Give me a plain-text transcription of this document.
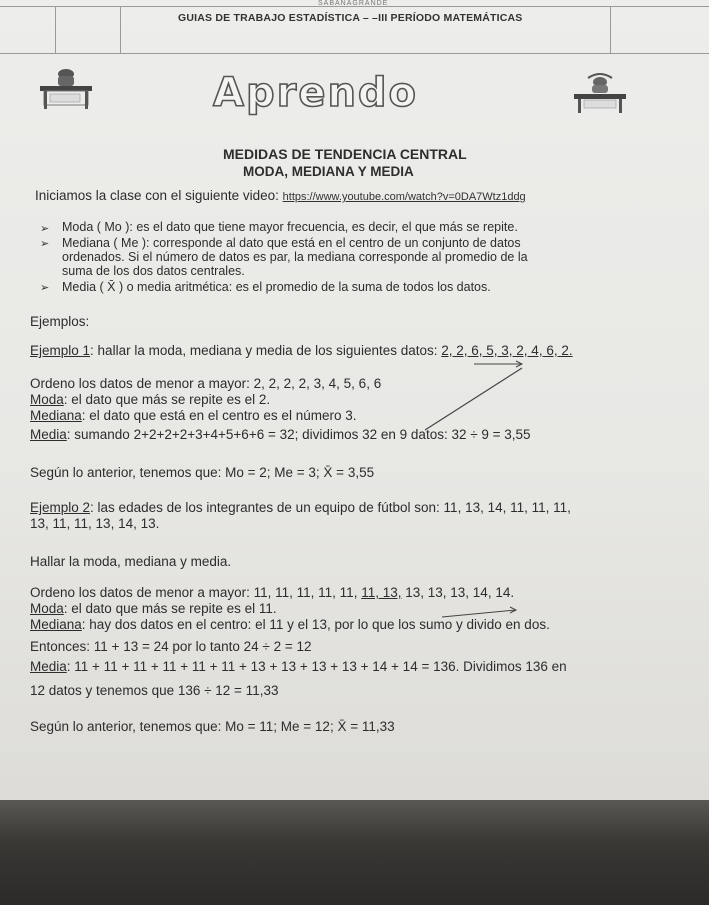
SABANAGRANDE
GUIAS DE TRABAJO ESTADÍSTICA – –III PERÍODO MATEMÁTICAS
Aprendo
MEDIDAS DE TENDENCIA CENTRAL
MODA, MEDIANA Y MEDIA
Iniciamos la clase con el siguiente video: https://www.youtube.com/watch?v=0DA7Wtz1ddg
➢ Moda ( Mo ): es el dato que tiene mayor frecuencia, es decir, el que más se repite.
➢ Mediana ( Me ): corresponde al dato que está en el centro de un conjunto de datos
ordenados. Si el número de datos es par, la mediana corresponde al promedio de la
suma de los dos datos centrales.
➢ Media ( X̄ ) o media aritmética: es el promedio de la suma de todos los datos.
Ejemplos:
Ejemplo 1: hallar la moda, mediana y media de los siguientes datos: 2, 2, 6, 5, 3, 2, 4, 6, 2.
Ordeno los datos de menor a mayor: 2, 2, 2, 2, 3, 4, 5, 6, 6
Moda: el dato que más se repite es el 2.
Mediana: el dato que está en el centro es el número 3.
Media: sumando 2+2+2+2+3+4+5+6+6 = 32; dividimos 32 en 9 datos: 32 ÷ 9 = 3,55
Según lo anterior, tenemos que: Mo = 2; Me = 3; X̄ = 3,55
Ejemplo 2: las edades de los integrantes de un equipo de fútbol son: 11, 13, 14, 11, 11, 11,
13, 11, 11, 13, 14, 13.
Hallar la moda, mediana y media.
Ordeno los datos de menor a mayor: 11, 11, 11, 11, 11, 11, 13, 13, 13, 13, 14, 14.
Moda: el dato que más se repite es el 11.
Mediana: hay dos datos en el centro: el 11 y el 13, por lo que los sumo y divido en dos.
Entonces: 11 + 13 = 24 por lo tanto 24 ÷ 2 = 12
Media: 11 + 11 + 11 + 11 + 11 + 11 + 13 + 13 + 13 + 13 + 14 + 14 = 136. Dividimos 136 en
12 datos y tenemos que 136 ÷ 12 = 11,33
Según lo anterior, tenemos que: Mo = 11; Me = 12; X̄ = 11,33
